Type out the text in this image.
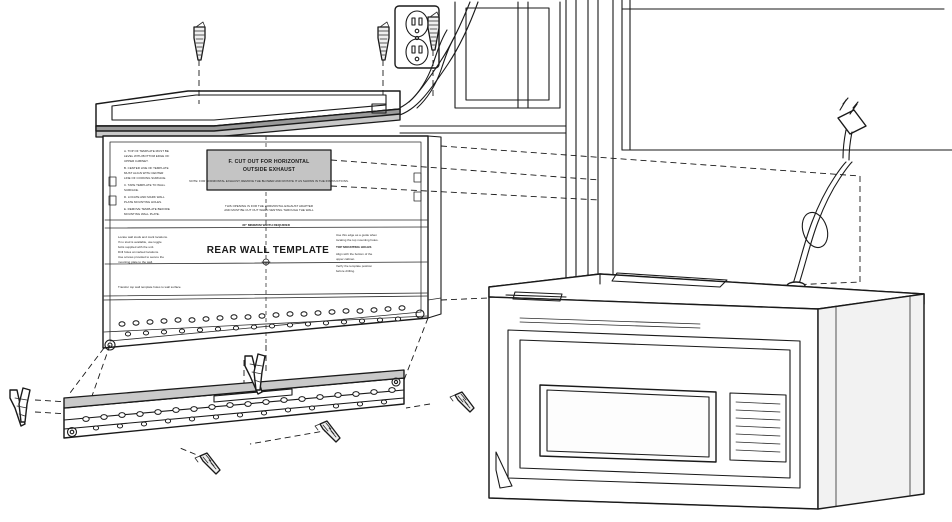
F. CUT OUT FOR HORIZONTAL
OUTSIDE EXHAUST
NOTE: FOR HORIZONTAL EXHAUST, REMOVE THE BLOWER AND ROTATE IT AS SHOWN IN THE INSTRUCTIONS.
THIS OPENING IS FOR THE HORIZONTAL EXHAUST ADAPTER
AND MUST BE CUT OUT WHEN VENTING THROUGH THE WALL
30" MINIMUM WIDTH REQUIRED
REAR WALL TEMPLATE
A. TOP OF TEMPLATE MUST BE
LEVEL WITH BOTTOM EDGE OF
UPPER CABINET.
B. CENTER LINE OF TEMPLATE
MUST ALIGN WITH CENTER
LINE OF COOKING SURFACE.
C. TAPE TEMPLATE TO WALL
SURFACE.
D. LOCATE AND MARK WALL
PLATE MOUNTING HOLES.
E. REMOVE TEMPLATE BEFORE
MOUNTING WALL PLATE.
Locate wall studs and mark locations.
If no stud is available, use toggle
bolts supplied with the unit.
Drill holes at marked locations.
Use screws provided to secure the
mounting plate to the wall.
Use this edge as a guide when
locating the top mounting holes.
TOP MOUNTING HOLES
Align with the bottom of the
upper cabinet.
Verify the template position
before drilling.
Transfer top wall template holes to wall surface.
